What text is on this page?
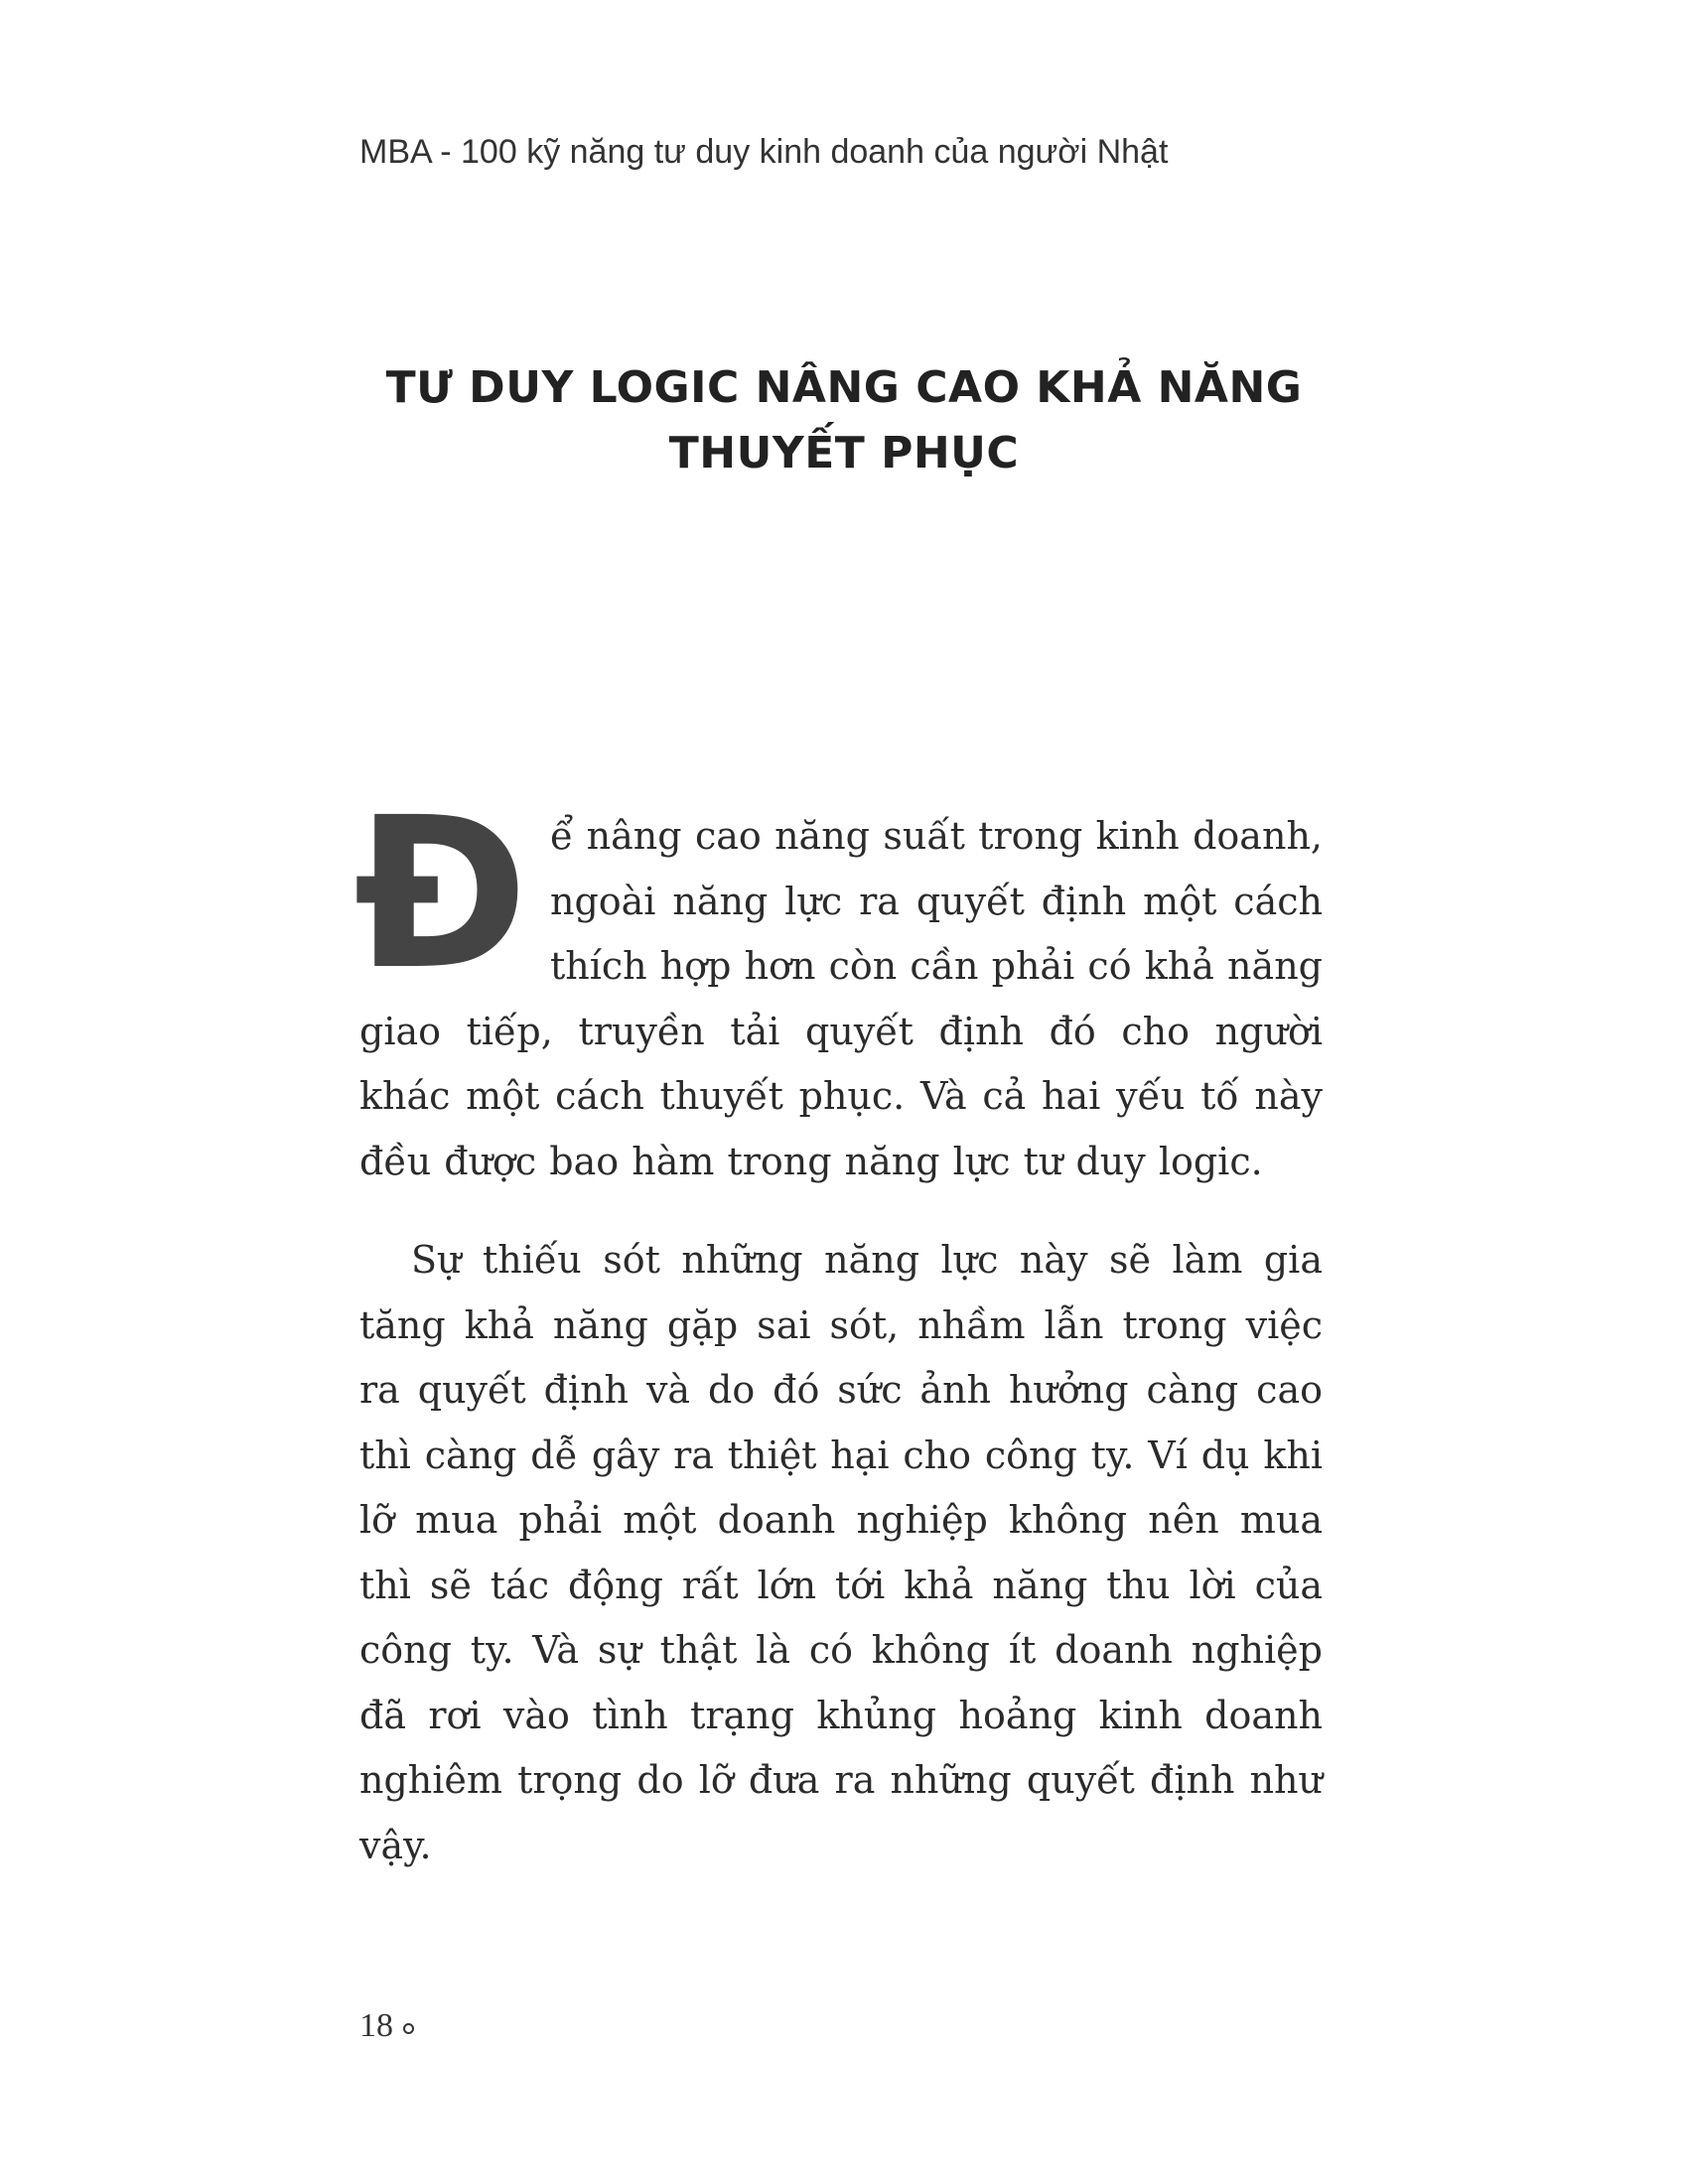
MBA - 100 kỹ năng tư duy kinh doanh của người Nhật
TƯ DUY LOGIC NÂNG CAO KHẢ NĂNG
THUYẾT PHỤC

Để nâng cao năng suất trong kinh doanh, ngoài năng lực ra quyết định một cách thích hợp hơn còn cần phải có khả năng giao tiếp, truyền tải quyết định đó cho người khác một cách thuyết phục. Và cả hai yếu tố này đều được bao hàm trong năng lực tư duy logic.

Sự thiếu sót những năng lực này sẽ làm gia tăng khả năng gặp sai sót, nhầm lẫn trong việc ra quyết định và do đó sức ảnh hưởng càng cao thì càng dễ gây ra thiệt hại cho công ty. Ví dụ khi lỡ mua phải một doanh nghiệp không nên mua thì sẽ tác động rất lớn tới khả năng thu lời của công ty. Và sự thật là có không ít doanh nghiệp đã rơi vào tình trạng khủng hoảng kinh doanh nghiêm trọng do lỡ đưa ra những quyết định như vậy.

18
